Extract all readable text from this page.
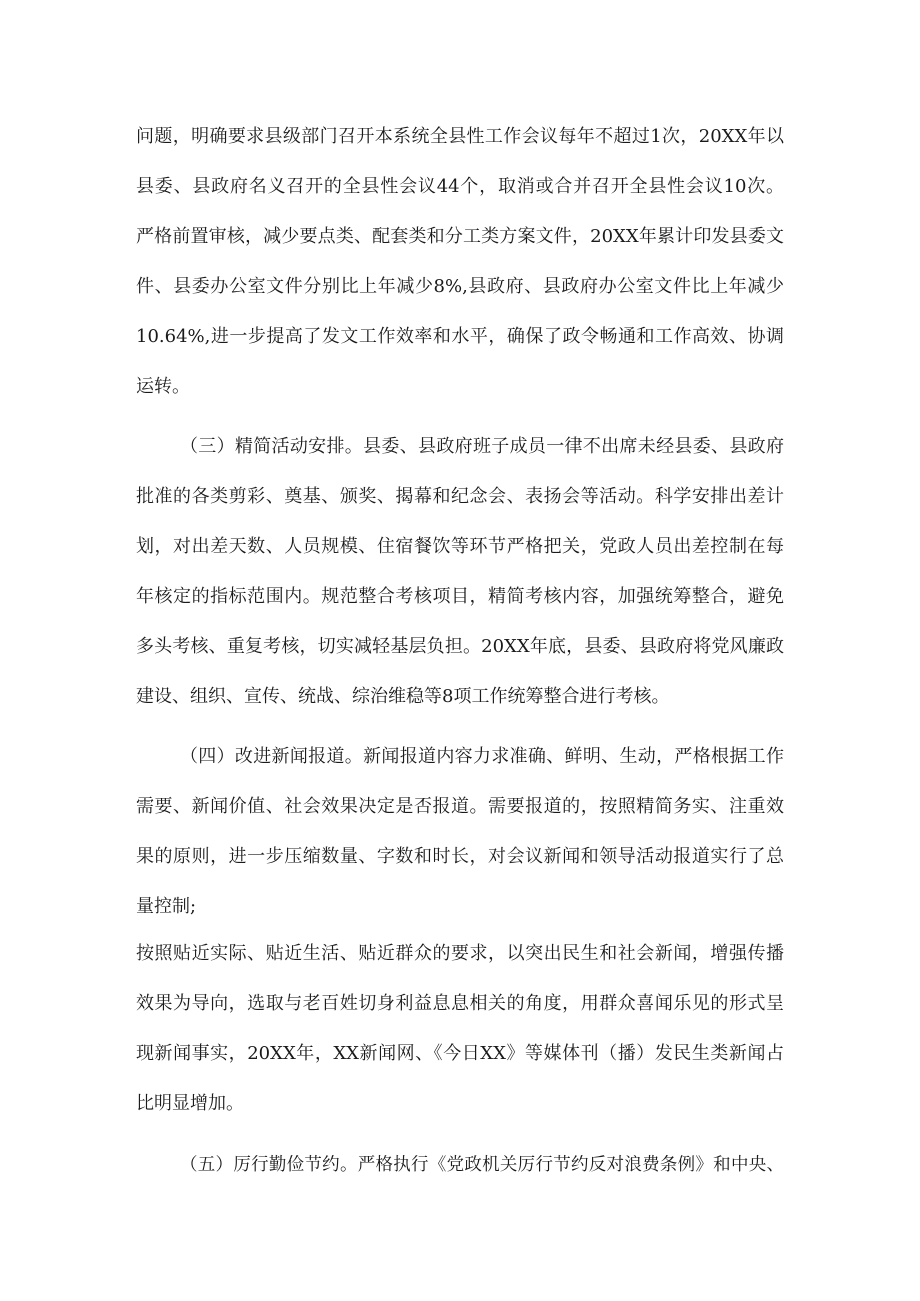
问题，明确要求县级部门召开本系统全县性工作会议每年不超过1次，20XX年以
县委、县政府名义召开的全县性会议44个，取消或合并召开全县性会议10次。
严格前置审核，减少要点类、配套类和分工类方案文件，20XX年累计印发县委文
件、县委办公室文件分别比上年减少8%,县政府、县政府办公室文件比上年减少
10.64%,进一步提高了发文工作效率和水平，确保了政令畅通和工作高效、协调
运转。
（三）精简活动安排。县委、县政府班子成员一律不出席未经县委、县政府
批准的各类剪彩、奠基、颁奖、揭幕和纪念会、表扬会等活动。科学安排出差计
划，对出差天数、人员规模、住宿餐饮等环节严格把关，党政人员出差控制在每
年核定的指标范围内。规范整合考核项目，精简考核内容，加强统筹整合，避免
多头考核、重复考核，切实减轻基层负担。20XX年底，县委、县政府将党风廉政
建设、组织、宣传、统战、综治维稳等8项工作统筹整合进行考核。
（四）改进新闻报道。新闻报道内容力求准确、鲜明、生动，严格根据工作
需要、新闻价值、社会效果决定是否报道。需要报道的，按照精简务实、注重效
果的原则，进一步压缩数量、字数和时长，对会议新闻和领导活动报道实行了总
量控制;
按照贴近实际、贴近生活、贴近群众的要求，以突出民生和社会新闻，增强传播
效果为导向，选取与老百姓切身利益息息相关的角度，用群众喜闻乐见的形式呈
现新闻事实，20XX年，XX新闻网、《今日XX》等媒体刊（播）发民生类新闻占
比明显增加。
（五）厉行勤俭节约。严格执行《党政机关厉行节约反对浪费条例》和中央、
